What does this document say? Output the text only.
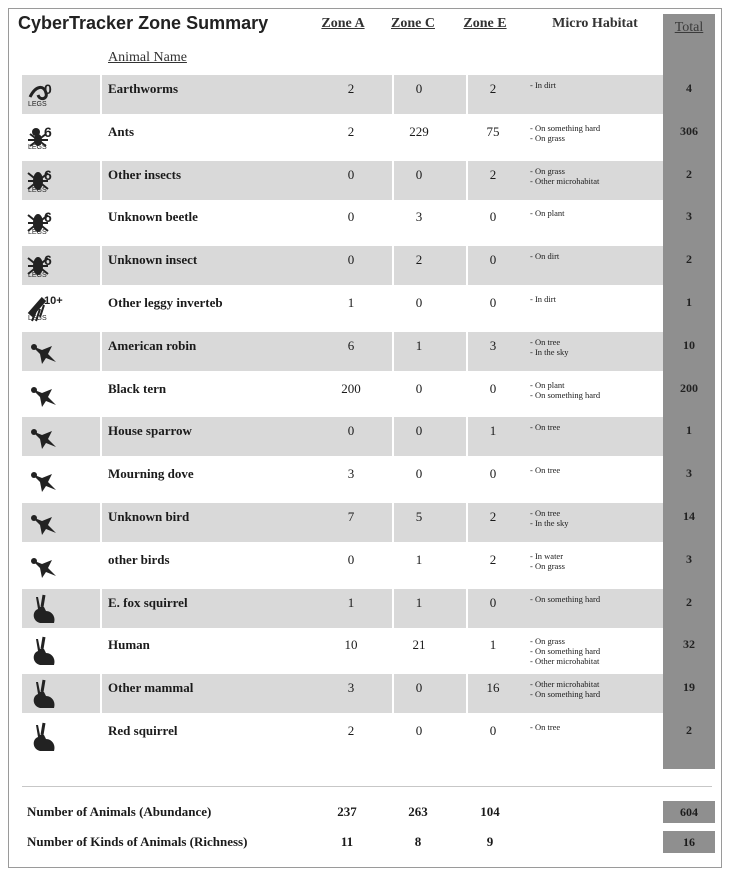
CyberTracker Zone Summary	Zone A	Zone C	Zone E	Micro Habitat	Total
Animal Name
0
LEGS
Earthworms	2	0	2	- In dirt	4
6
LEGS
Ants	2	229	75	- On something hard
- On grass	306
6
LEGS
Other insects	0	0	2	- On grass
- Other microhabitat	2
6
LEGS
Unknown beetle	0	3	0	- On plant	3
6
LEGS
Unknown insect	0	2	0	- On dirt	2
10+
LEGS
Other leggy inverteb	1	0	0	- In dirt	1
American robin	6	1	3	- On tree
- In the sky	10
Black tern	200	0	0	- On plant
- On something hard	200
House sparrow	0	0	1	- On tree	1
Mourning dove	3	0	0	- On tree	3
Unknown bird	7	5	2	- On tree
- In the sky	14
other birds	0	1	2	- In water
- On grass	3
E. fox squirrel	1	1	0	- On something hard	2
Human	10	21	1	- On grass
- On something hard
- Other microhabitat
32
Other mammal	3	0	16	- Other microhabitat
- On something hard	19
Red squirrel	2	0	0	- On tree	2
Number of Animals (Abundance)	237	263	104	604
Number of Kinds of Animals (Richness)	11	8	9	16
